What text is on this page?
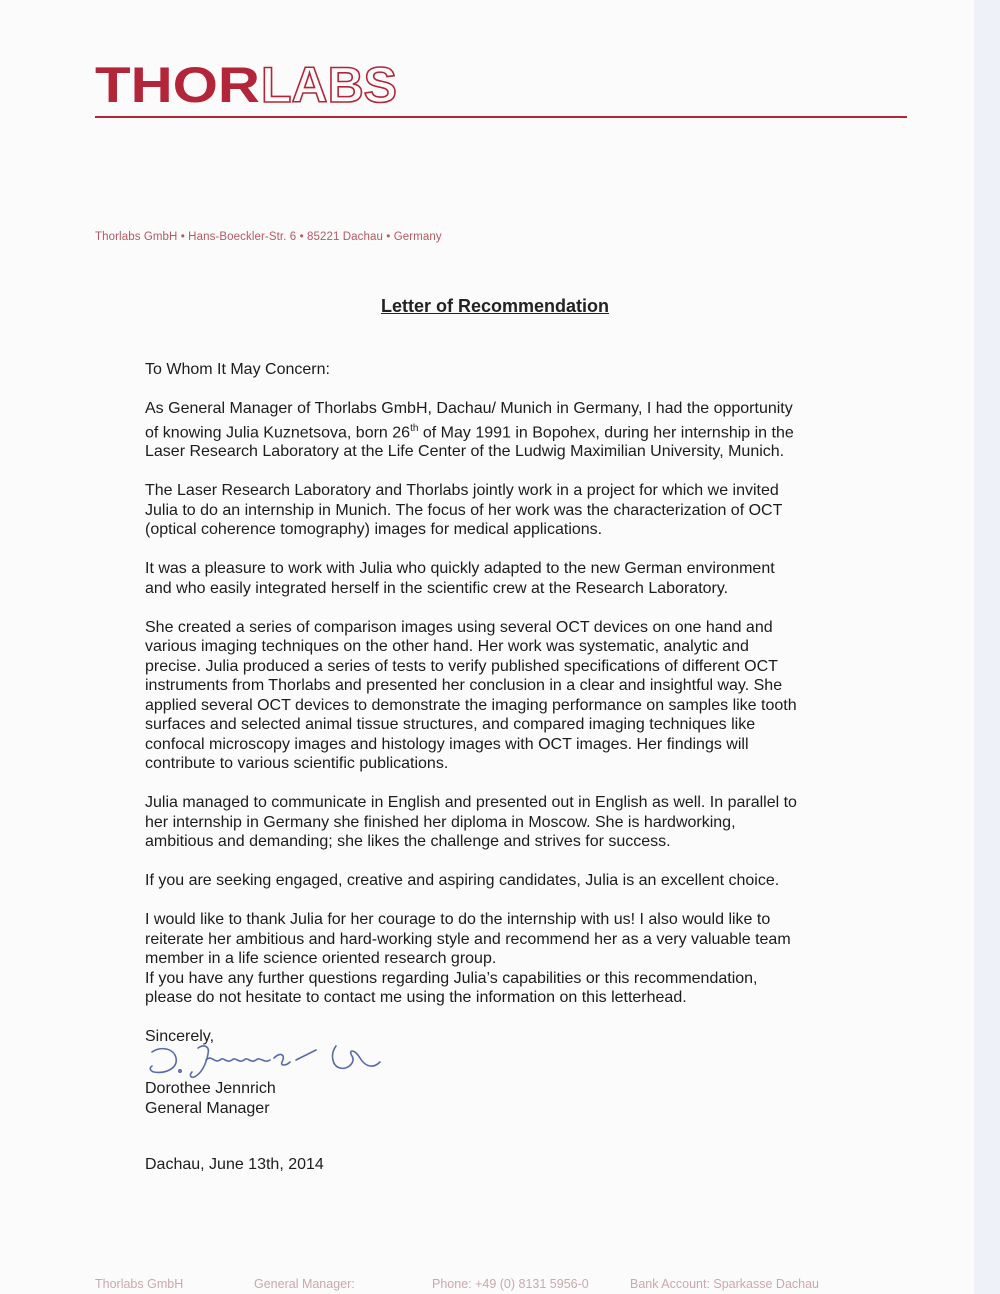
THOR LABS
Thorlabs GmbH • Hans-Boeckler-Str. 6 • 85221 Dachau • Germany
Letter of Recommendation

To Whom It May Concern:

As General Manager of Thorlabs GmbH, Dachau/ Munich in Germany, I had the opportunity
of knowing Julia Kuznetsova, born 26th of May 1991 in Bopohex, during her internship in the
Laser Research Laboratory at the Life Center of the Ludwig Maximilian University, Munich.

The Laser Research Laboratory and Thorlabs jointly work in a project for which we invited
Julia to do an internship in Munich. The focus of her work was the characterization of OCT
(optical coherence tomography) images for medical applications.

It was a pleasure to work with Julia who quickly adapted to the new German environment
and who easily integrated herself in the scientific crew at the Research Laboratory.

She created a series of comparison images using several OCT devices on one hand and
various imaging techniques on the other hand. Her work was systematic, analytic and
precise. Julia produced a series of tests to verify published specifications of different OCT
instruments from Thorlabs and presented her conclusion in a clear and insightful way. She
applied several OCT devices to demonstrate the imaging performance on samples like tooth
surfaces and selected animal tissue structures, and compared imaging techniques like
confocal microscopy images and histology images with OCT images. Her findings will
contribute to various scientific publications.

Julia managed to communicate in English and presented out in English as well. In parallel to
her internship in Germany she finished her diploma in Moscow. She is hardworking,
ambitious and demanding; she likes the challenge and strives for success.

If you are seeking engaged, creative and aspiring candidates, Julia is an excellent choice.

I would like to thank Julia for her courage to do the internship with us! I also would like to
reiterate her ambitious and hard-working style and recommend her as a very valuable team
member in a life science oriented research group.
If you have any further questions regarding Julia’s capabilities or this recommendation,
please do not hesitate to contact me using the information on this letterhead.

Sincerely,

Dorothee Jennrich
General Manager
Dachau, June 13th, 2014
Thorlabs GmbH	General Manager:	Phone: +49 (0) 8131 5956-0	Bank Account: Sparkasse Dachau
